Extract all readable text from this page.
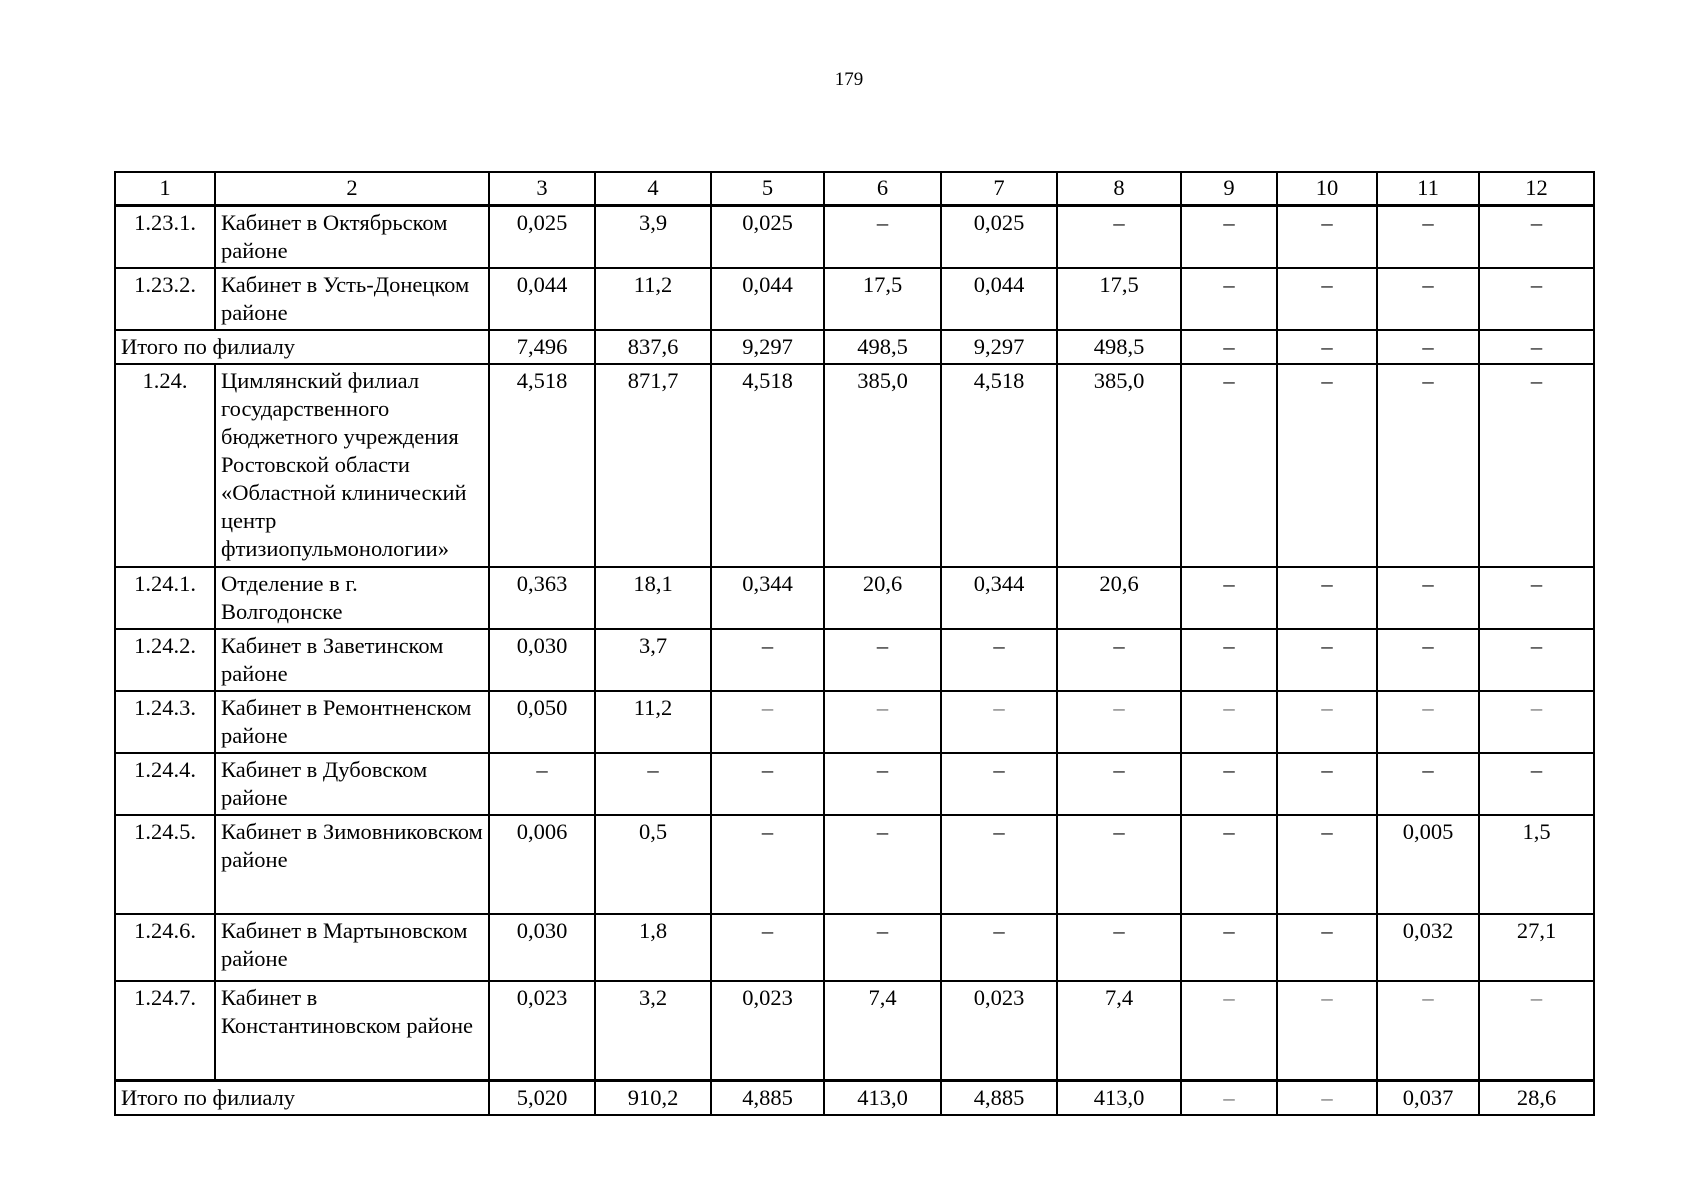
179
1	2	3	4	5	6	7	8	9	10	11	12
1.23.1.	Кабинет в Октябрьском районе	0,025	3,9	0,025	–	0,025	–	–	–	–	–
1.23.2.	Кабинет в Усть-Донецком районе	0,044	11,2	0,044	17,5	0,044	17,5	–	–	–	–
Итого по филиалу		7,496	837,6	9,297	498,5	9,297	498,5	–	–	–	–
1.24.	Цимлянский филиал государственного бюджетного учреждения Ростовской области «Областной клинический центр фтизиопульмонологии»	4,518	871,7	4,518	385,0	4,518	385,0	–	–	–	–
1.24.1.	Отделение в г. Волгодонске	0,363	18,1	0,344	20,6	0,344	20,6	–	–	–	–
1.24.2.	Кабинет в Заветинском районе	0,030	3,7	–	–	–	–	–	–	–	–
1.24.3.	Кабинет в Ремонтненском районе	0,050	11,2	–	–	–	–	–	–	–	–
1.24.4.	Кабинет в Дубовском районе	–	–	–	–	–	–	–	–	–	–
1.24.5.	Кабинет в Зимовниковском районе	0,006	0,5	–	–	–	–	–	–	0,005	1,5
1.24.6.	Кабинет в Мартыновском районе	0,030	1,8	–	–	–	–	–	–	0,032	27,1
1.24.7.	Кабинет в Константиновском районе	0,023	3,2	0,023	7,4	0,023	7,4	–	–	–	–
Итого по филиалу		5,020	910,2	4,885	413,0	4,885	413,0	–	–	0,037	28,6
